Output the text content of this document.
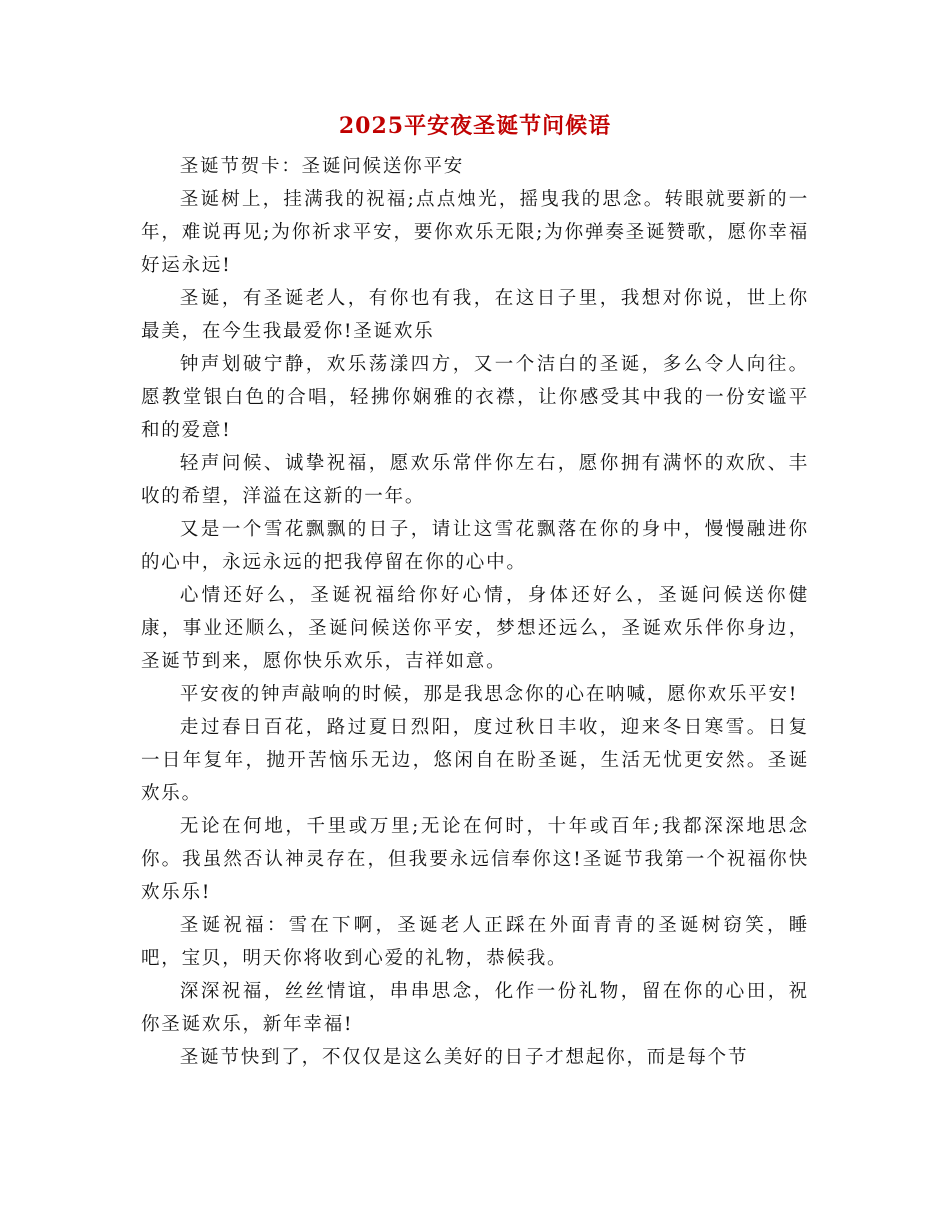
2025平安夜圣诞节问候语

圣诞节贺卡：圣诞问候送你平安

圣诞树上，挂满我的祝福;点点烛光，摇曳我的思念。转眼就要新的一年，难说再见;为你祈求平安，要你欢乐无限;为你弹奏圣诞赞歌，愿你幸福好运永远!

圣诞，有圣诞老人，有你也有我，在这日子里，我想对你说，世上你最美，在今生我最爱你!圣诞欢乐

钟声划破宁静，欢乐荡漾四方，又一个洁白的圣诞，多么令人向往。愿教堂银白色的合唱，轻拂你娴雅的衣襟，让你感受其中我的一份安谧平和的爱意!

轻声问候、诚挚祝福，愿欢乐常伴你左右，愿你拥有满怀的欢欣、丰收的希望，洋溢在这新的一年。

又是一个雪花飘飘的日子，请让这雪花飘落在你的身中，慢慢融进你的心中，永远永远的把我停留在你的心中。

心情还好么，圣诞祝福给你好心情，身体还好么，圣诞问候送你健康，事业还顺么，圣诞问候送你平安，梦想还远么，圣诞欢乐伴你身边，圣诞节到来，愿你快乐欢乐，吉祥如意。

平安夜的钟声敲响的时候，那是我思念你的心在呐喊，愿你欢乐平安!

走过春日百花，路过夏日烈阳，度过秋日丰收，迎来冬日寒雪。日复一日年复年，抛开苦恼乐无边，悠闲自在盼圣诞，生活无忧更安然。圣诞欢乐。

无论在何地，千里或万里;无论在何时，十年或百年;我都深深地思念你。我虽然否认神灵存在，但我要永远信奉你这!圣诞节我第一个祝福你快欢乐乐!

圣诞祝福：雪在下啊，圣诞老人正踩在外面青青的圣诞树窃笑，睡吧，宝贝，明天你将收到心爱的礼物，恭候我。

深深祝福，丝丝情谊，串串思念，化作一份礼物，留在你的心田，祝你圣诞欢乐，新年幸福!

圣诞节快到了，不仅仅是这么美好的日子才想起你，而是每个节
